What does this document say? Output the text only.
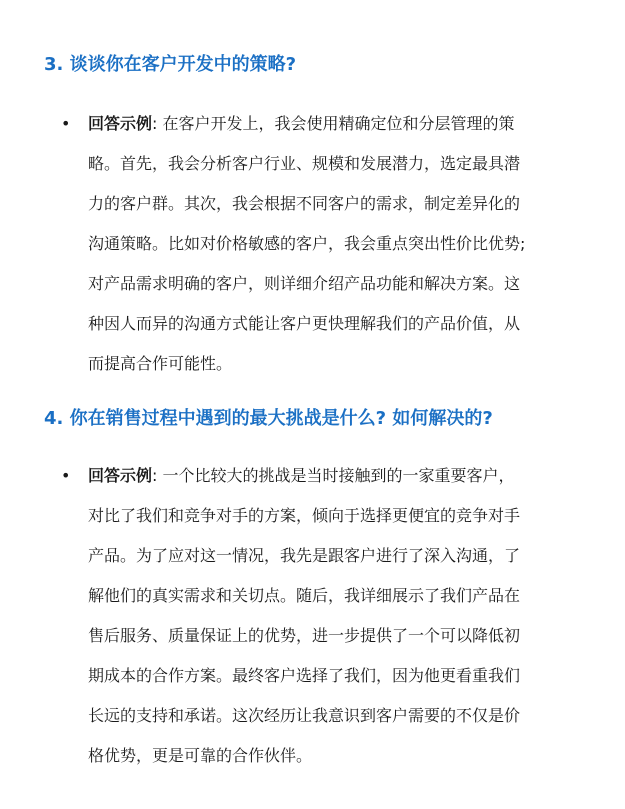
3. 谈谈你在客户开发中的策略?
• 回答示例: 在客户开发上，我会使用精确定位和分层管理的策
略。首先，我会分析客户行业、规模和发展潜力，选定最具潜
力的客户群。其次，我会根据不同客户的需求，制定差异化的
沟通策略。比如对价格敏感的客户，我会重点突出性价比优势;
对产品需求明确的客户，则详细介绍产品功能和解决方案。这
种因人而异的沟通方式能让客户更快理解我们的产品价值，从
而提高合作可能性。
4. 你在销售过程中遇到的最大挑战是什么? 如何解决的?
• 回答示例: 一个比较大的挑战是当时接触到的一家重要客户，
对比了我们和竞争对手的方案，倾向于选择更便宜的竞争对手
产品。为了应对这一情况，我先是跟客户进行了深入沟通，了
解他们的真实需求和关切点。随后，我详细展示了我们产品在
售后服务、质量保证上的优势，进一步提供了一个可以降低初
期成本的合作方案。最终客户选择了我们，因为他更看重我们
长远的支持和承诺。这次经历让我意识到客户需要的不仅是价
格优势，更是可靠的合作伙伴。
